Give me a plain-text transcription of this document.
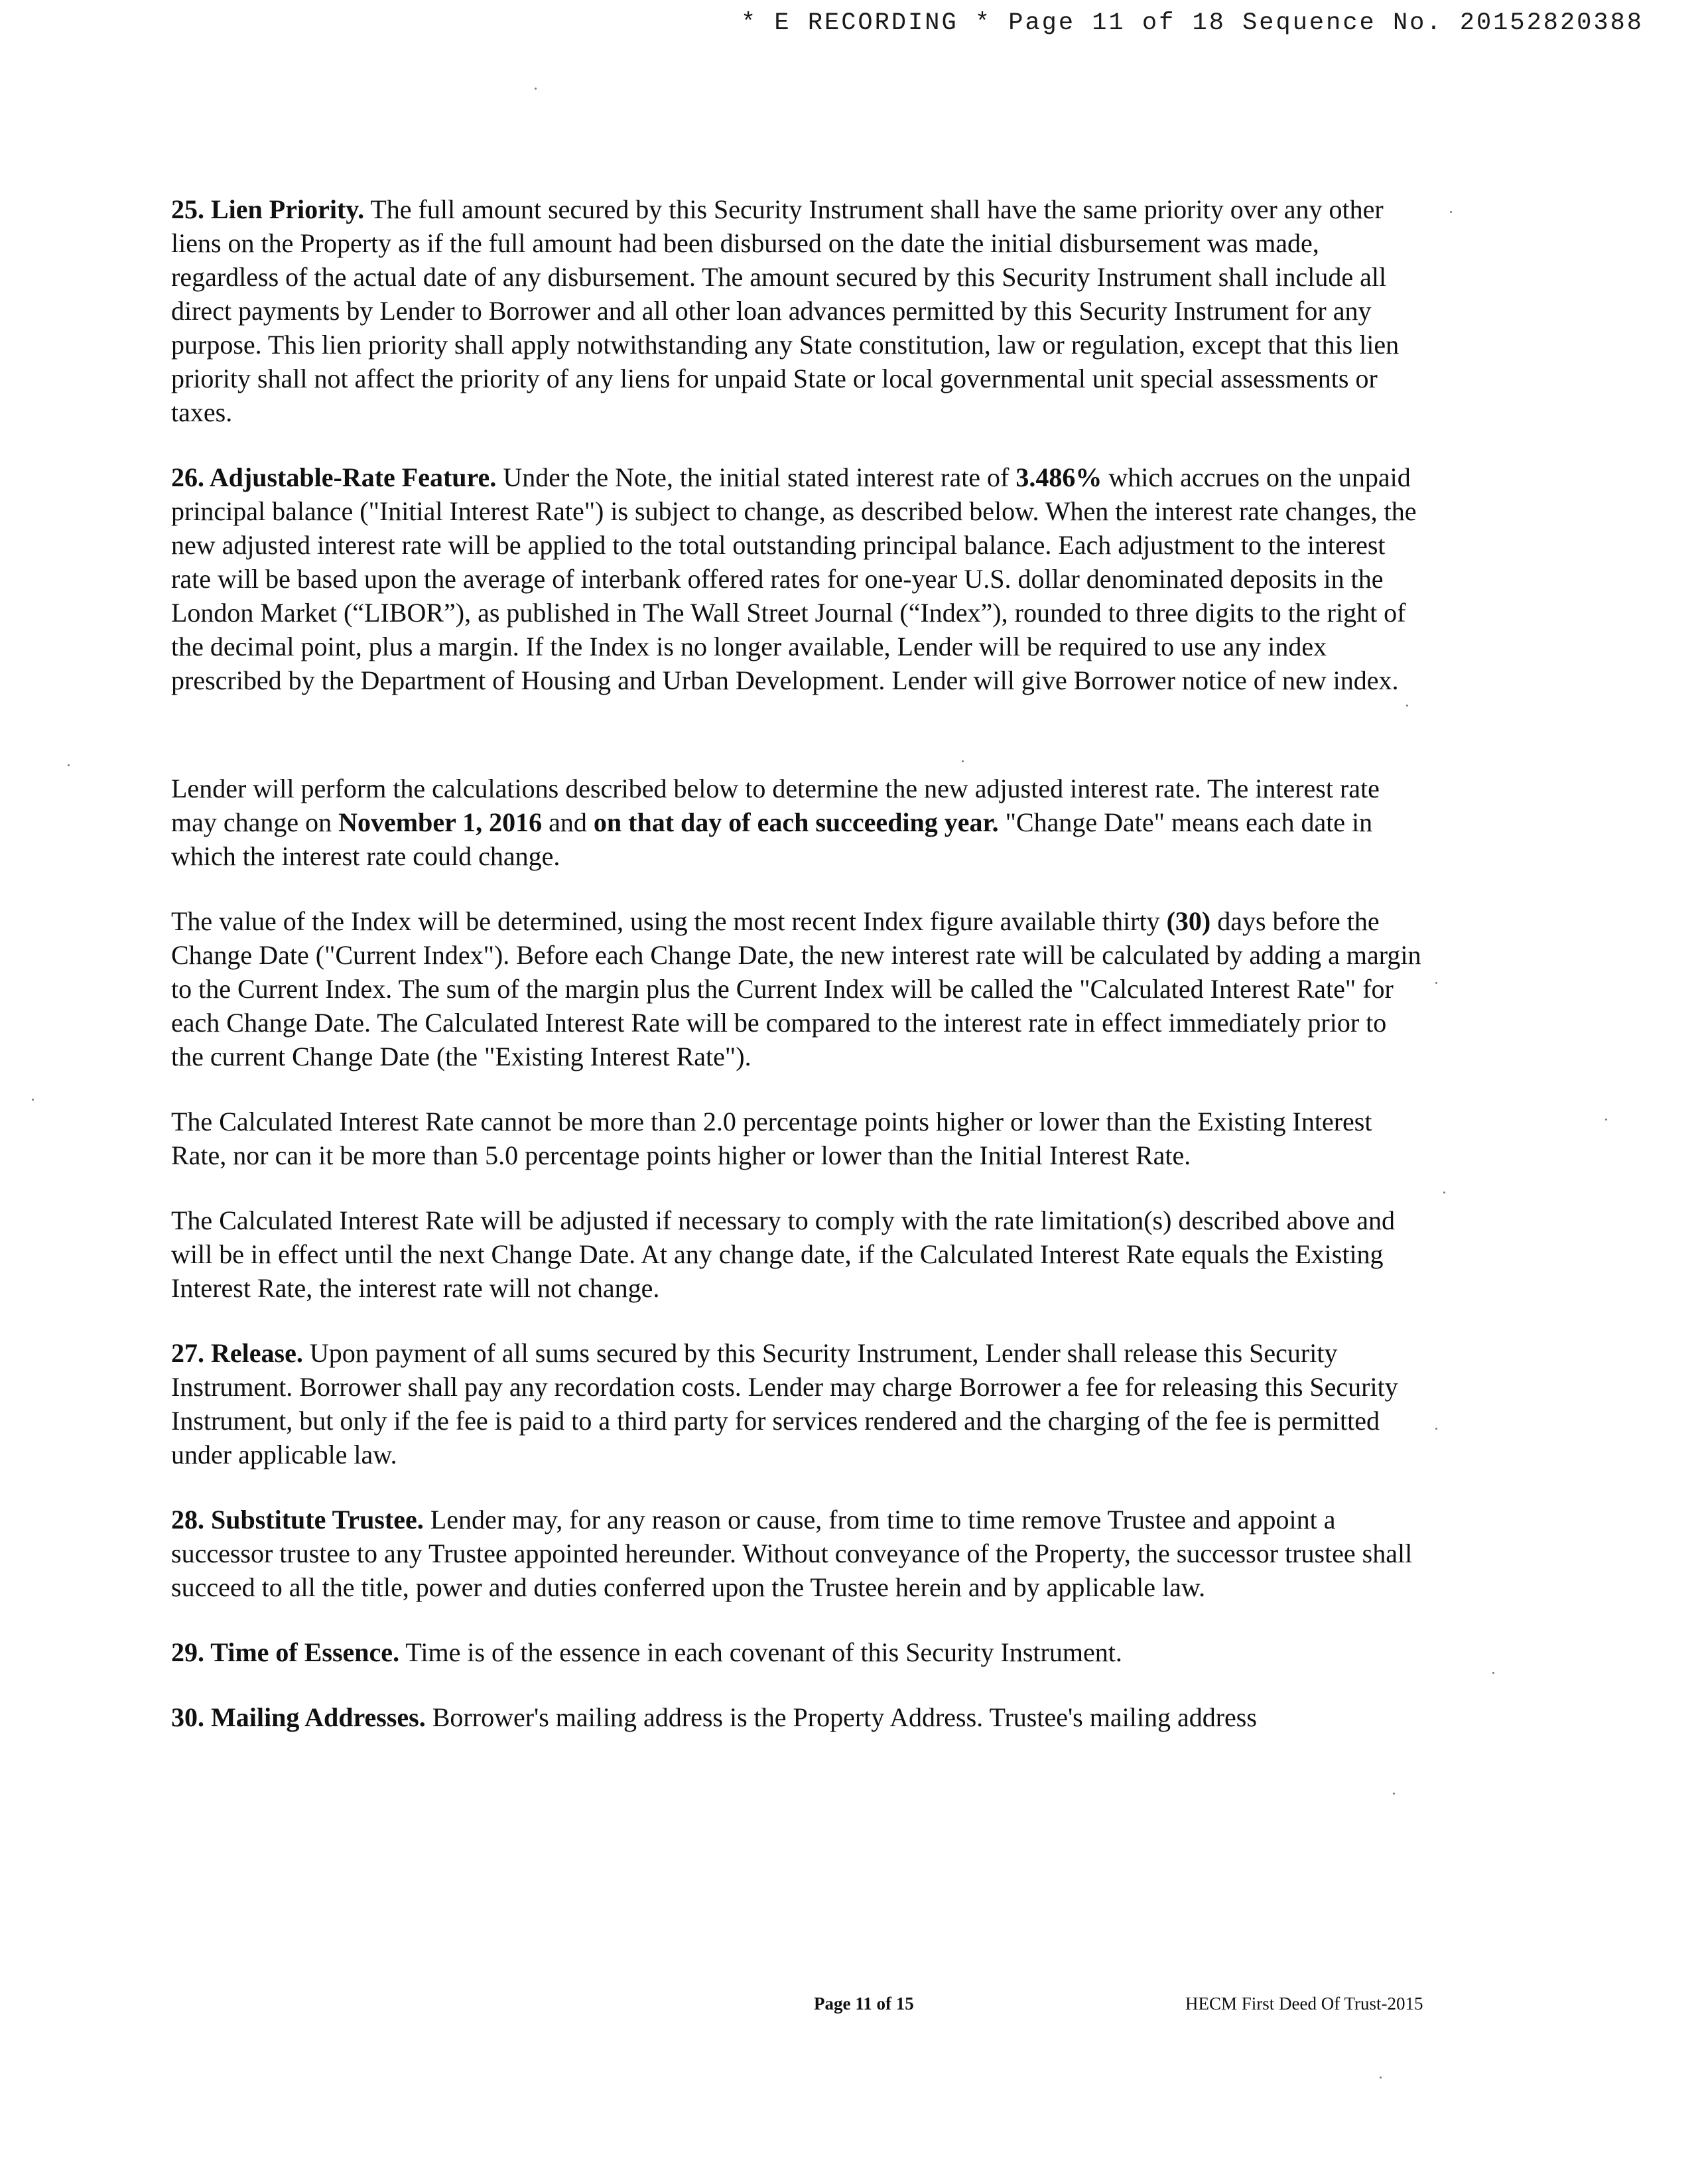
* E RECORDING * Page 11 of 18 Sequence No. 20152820388

25. Lien Priority. The full amount secured by this Security Instrument shall have the same priority over any other liens on the Property as if the full amount had been disbursed on the date the initial disbursement was made, regardless of the actual date of any disbursement. The amount secured by this Security Instrument shall include all direct payments by Lender to Borrower and all other loan advances permitted by this Security Instrument for any purpose. This lien priority shall apply notwithstanding any State constitution, law or regulation, except that this lien priority shall not affect the priority of any liens for unpaid State or local governmental unit special assessments or taxes.

26. Adjustable-Rate Feature. Under the Note, the initial stated interest rate of 3.486% which accrues on the unpaid principal balance ("Initial Interest Rate") is subject to change, as described below. When the interest rate changes, the new adjusted interest rate will be applied to the total outstanding principal balance. Each adjustment to the interest rate will be based upon the average of interbank offered rates for one-year U.S. dollar denominated deposits in the London Market (“LIBOR”), as published in The Wall Street Journal (“Index”), rounded to three digits to the right of the decimal point, plus a margin. If the Index is no longer available, Lender will be required to use any index prescribed by the Department of Housing and Urban Development. Lender will give Borrower notice of new index.

Lender will perform the calculations described below to determine the new adjusted interest rate. The interest rate may change on November 1, 2016 and on that day of each succeeding year. "Change Date" means each date in which the interest rate could change.

The value of the Index will be determined, using the most recent Index figure available thirty (30) days before the Change Date ("Current Index"). Before each Change Date, the new interest rate will be calculated by adding a margin to the Current Index. The sum of the margin plus the Current Index will be called the "Calculated Interest Rate" for each Change Date. The Calculated Interest Rate will be compared to the interest rate in effect immediately prior to the current Change Date (the "Existing Interest Rate").

The Calculated Interest Rate cannot be more than 2.0 percentage points higher or lower than the Existing Interest Rate, nor can it be more than 5.0 percentage points higher or lower than the Initial Interest Rate.

The Calculated Interest Rate will be adjusted if necessary to comply with the rate limitation(s) described above and will be in effect until the next Change Date. At any change date, if the Calculated Interest Rate equals the Existing Interest Rate, the interest rate will not change.

27. Release. Upon payment of all sums secured by this Security Instrument, Lender shall release this Security Instrument. Borrower shall pay any recordation costs. Lender may charge Borrower a fee for releasing this Security Instrument, but only if the fee is paid to a third party for services rendered and the charging of the fee is permitted under applicable law.

28. Substitute Trustee. Lender may, for any reason or cause, from time to time remove Trustee and appoint a successor trustee to any Trustee appointed hereunder. Without conveyance of the Property, the successor trustee shall succeed to all the title, power and duties conferred upon the Trustee herein and by applicable law.

29. Time of Essence. Time is of the essence in each covenant of this Security Instrument.

30. Mailing Addresses. Borrower's mailing address is the Property Address. Trustee's mailing address

Page 11 of 15	HECM First Deed Of Trust-2015
